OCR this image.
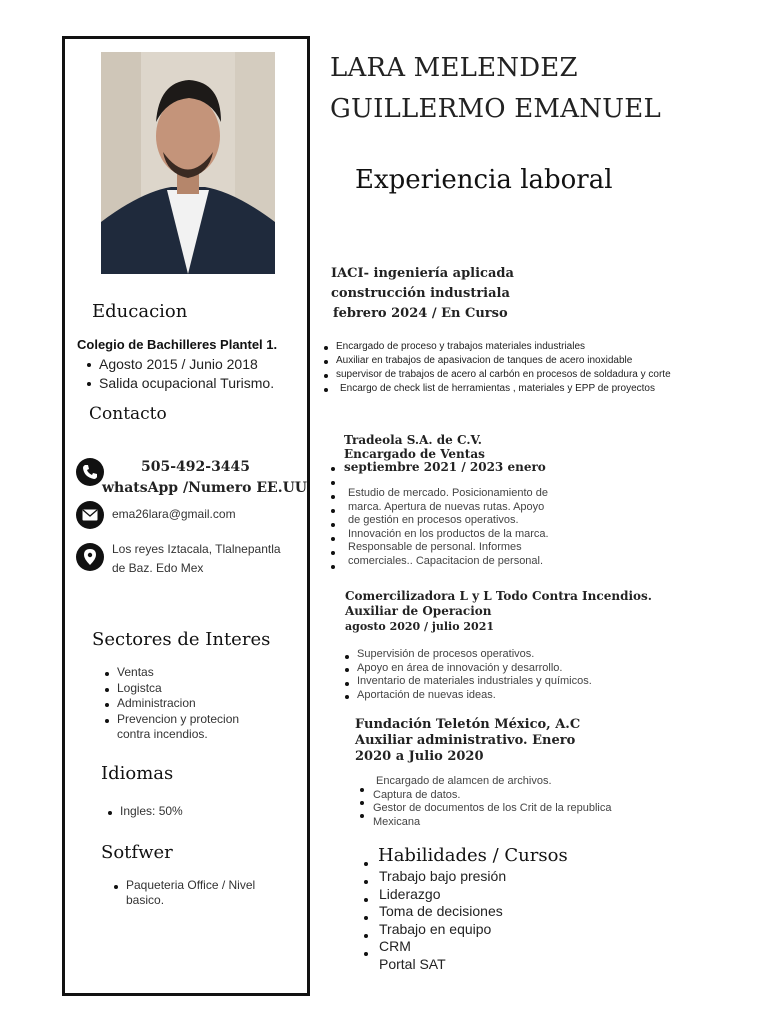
Educacion
Colegio de Bachilleres Plantel 1.
Agosto 2015 / Junio 2018
Salida ocupacional Turismo.
Contacto
505-492-3445
whatsApp /Numero EE.UU
ema26lara@gmail.com
Los reyes Iztacala, Tlalnepantla
de Baz. Edo Mex
Sectores de Interes
Ventas
Logistca
Administracion
Prevencion y protecion contra incendios.
Idiomas
Ingles: 50%
Sotfwer
Paqueteria Office / Nivel basico.
LARA MELENDEZ
GUILLERMO EMANUEL
Experiencia laboral
IACI- ingeniería aplicada
construcción industriala
febrero 2024 / En Curso
Encargado de proceso y trabajos materiales industriales
Auxiliar en trabajos de apasivacion de tanques de acero inoxidable
supervisor de trabajos de acero al carbón en procesos de soldadura y corte
Encargo de check list de herramientas , materiales y EPP de proyectos
Tradeola S.A. de C.V.
Encargado de Ventas
septiembre 2021 / 2023 enero
Estudio de mercado. Posicionamiento de
marca. Apertura de nuevas rutas. Apoyo
de gestión en procesos operativos.
Innovación en los productos de la marca.
Responsable de personal. Informes
comerciales.. Capacitacion de personal.
Comercilizadora L y L Todo Contra Incendios.
Auxiliar de Operacion
agosto 2020 / julio 2021
Supervisión de procesos operativos.
Apoyo en área de innovación y desarrollo.
Inventario de materiales industriales y químicos.
Aportación de nuevas ideas.
Fundación Teletón México, A.C
Auxiliar administrativo. Enero
2020 a Julio 2020
Encargado de alamcen de archivos.
Captura de datos.
Gestor de documentos de los Crit de la republica
Mexicana
Habilidades / Cursos
Trabajo bajo presión
Liderazgo
Toma de decisiones
Trabajo en equipo
CRM
Portal SAT
